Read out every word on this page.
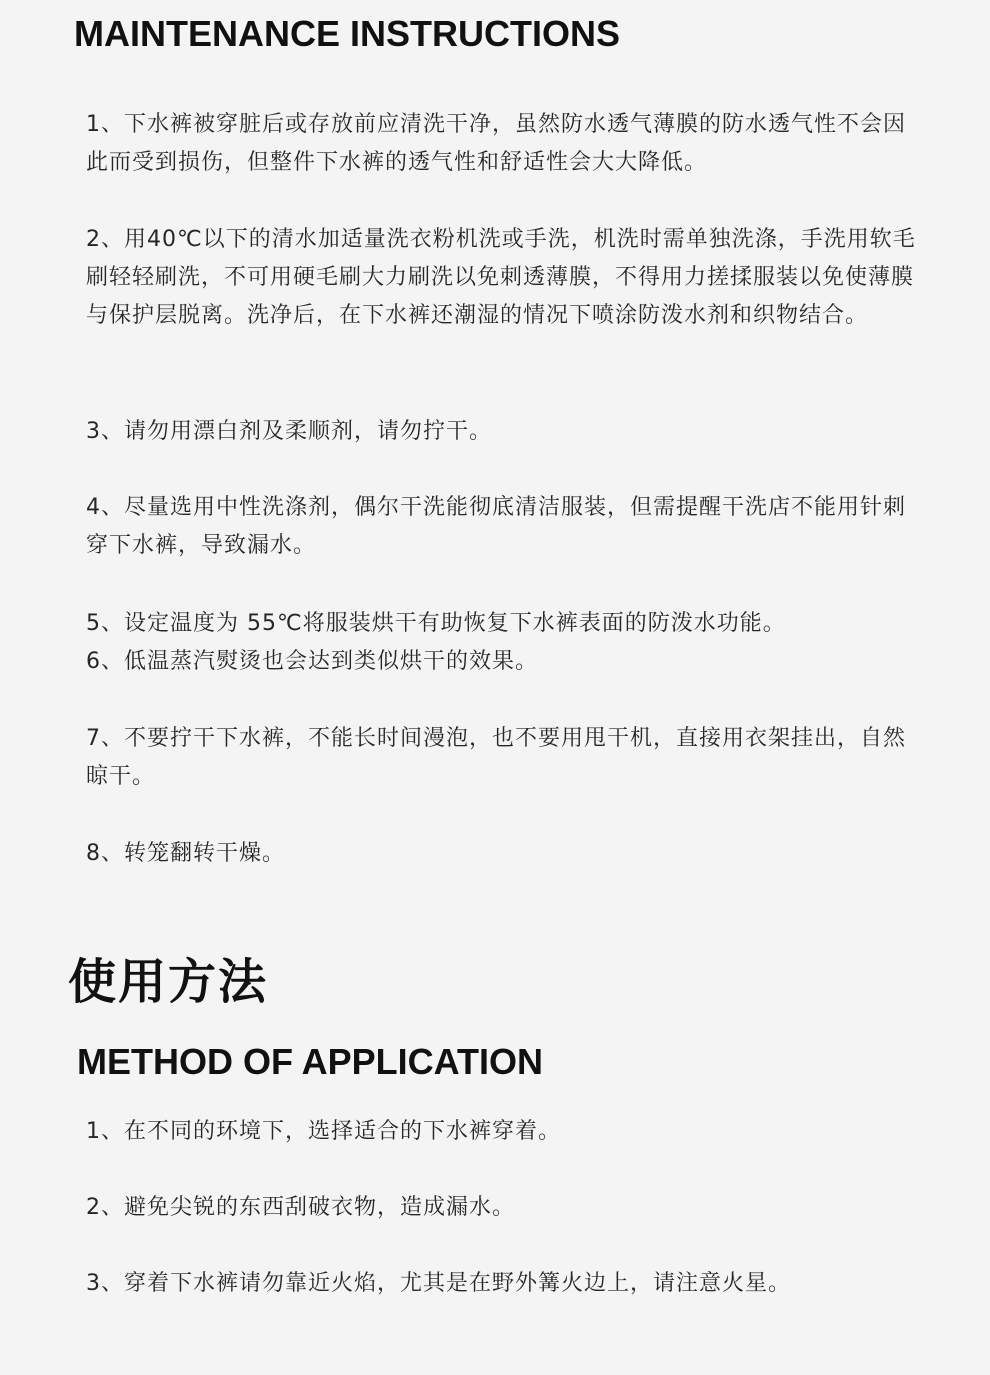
MAINTENANCE INSTRUCTIONS

1、下水裤被穿脏后或存放前应清洗干净，虽然防水透气薄膜的防水透气性不会因此而受到损伤，但整件下水裤的透气性和舒适性会大大降低。

2、用40℃以下的清水加适量洗衣粉机洗或手洗，机洗时需单独洗涤，手洗用软毛刷轻轻刷洗，不可用硬毛刷大力刷洗以免刺透薄膜，不得用力搓揉服装以免使薄膜与保护层脱离。洗净后，在下水裤还潮湿的情况下喷涂防泼水剂和织物结合。

3、请勿用漂白剂及柔顺剂，请勿拧干。

4、尽量选用中性洗涤剂，偶尔干洗能彻底清洁服装，但需提醒干洗店不能用针刺穿下水裤，导致漏水。

5、设定温度为 55℃将服装烘干有助恢复下水裤表面的防泼水功能。

6、低温蒸汽熨烫也会达到类似烘干的效果。

7、不要拧干下水裤，不能长时间漫泡，也不要用甩干机，直接用衣架挂出，自然晾干。

8、转笼翻转干燥。

使用方法
METHOD OF APPLICATION

1、在不同的环境下，选择适合的下水裤穿着。

2、避免尖锐的东西刮破衣物，造成漏水。

3、穿着下水裤请勿靠近火焰，尤其是在野外篝火边上，请注意火星。
